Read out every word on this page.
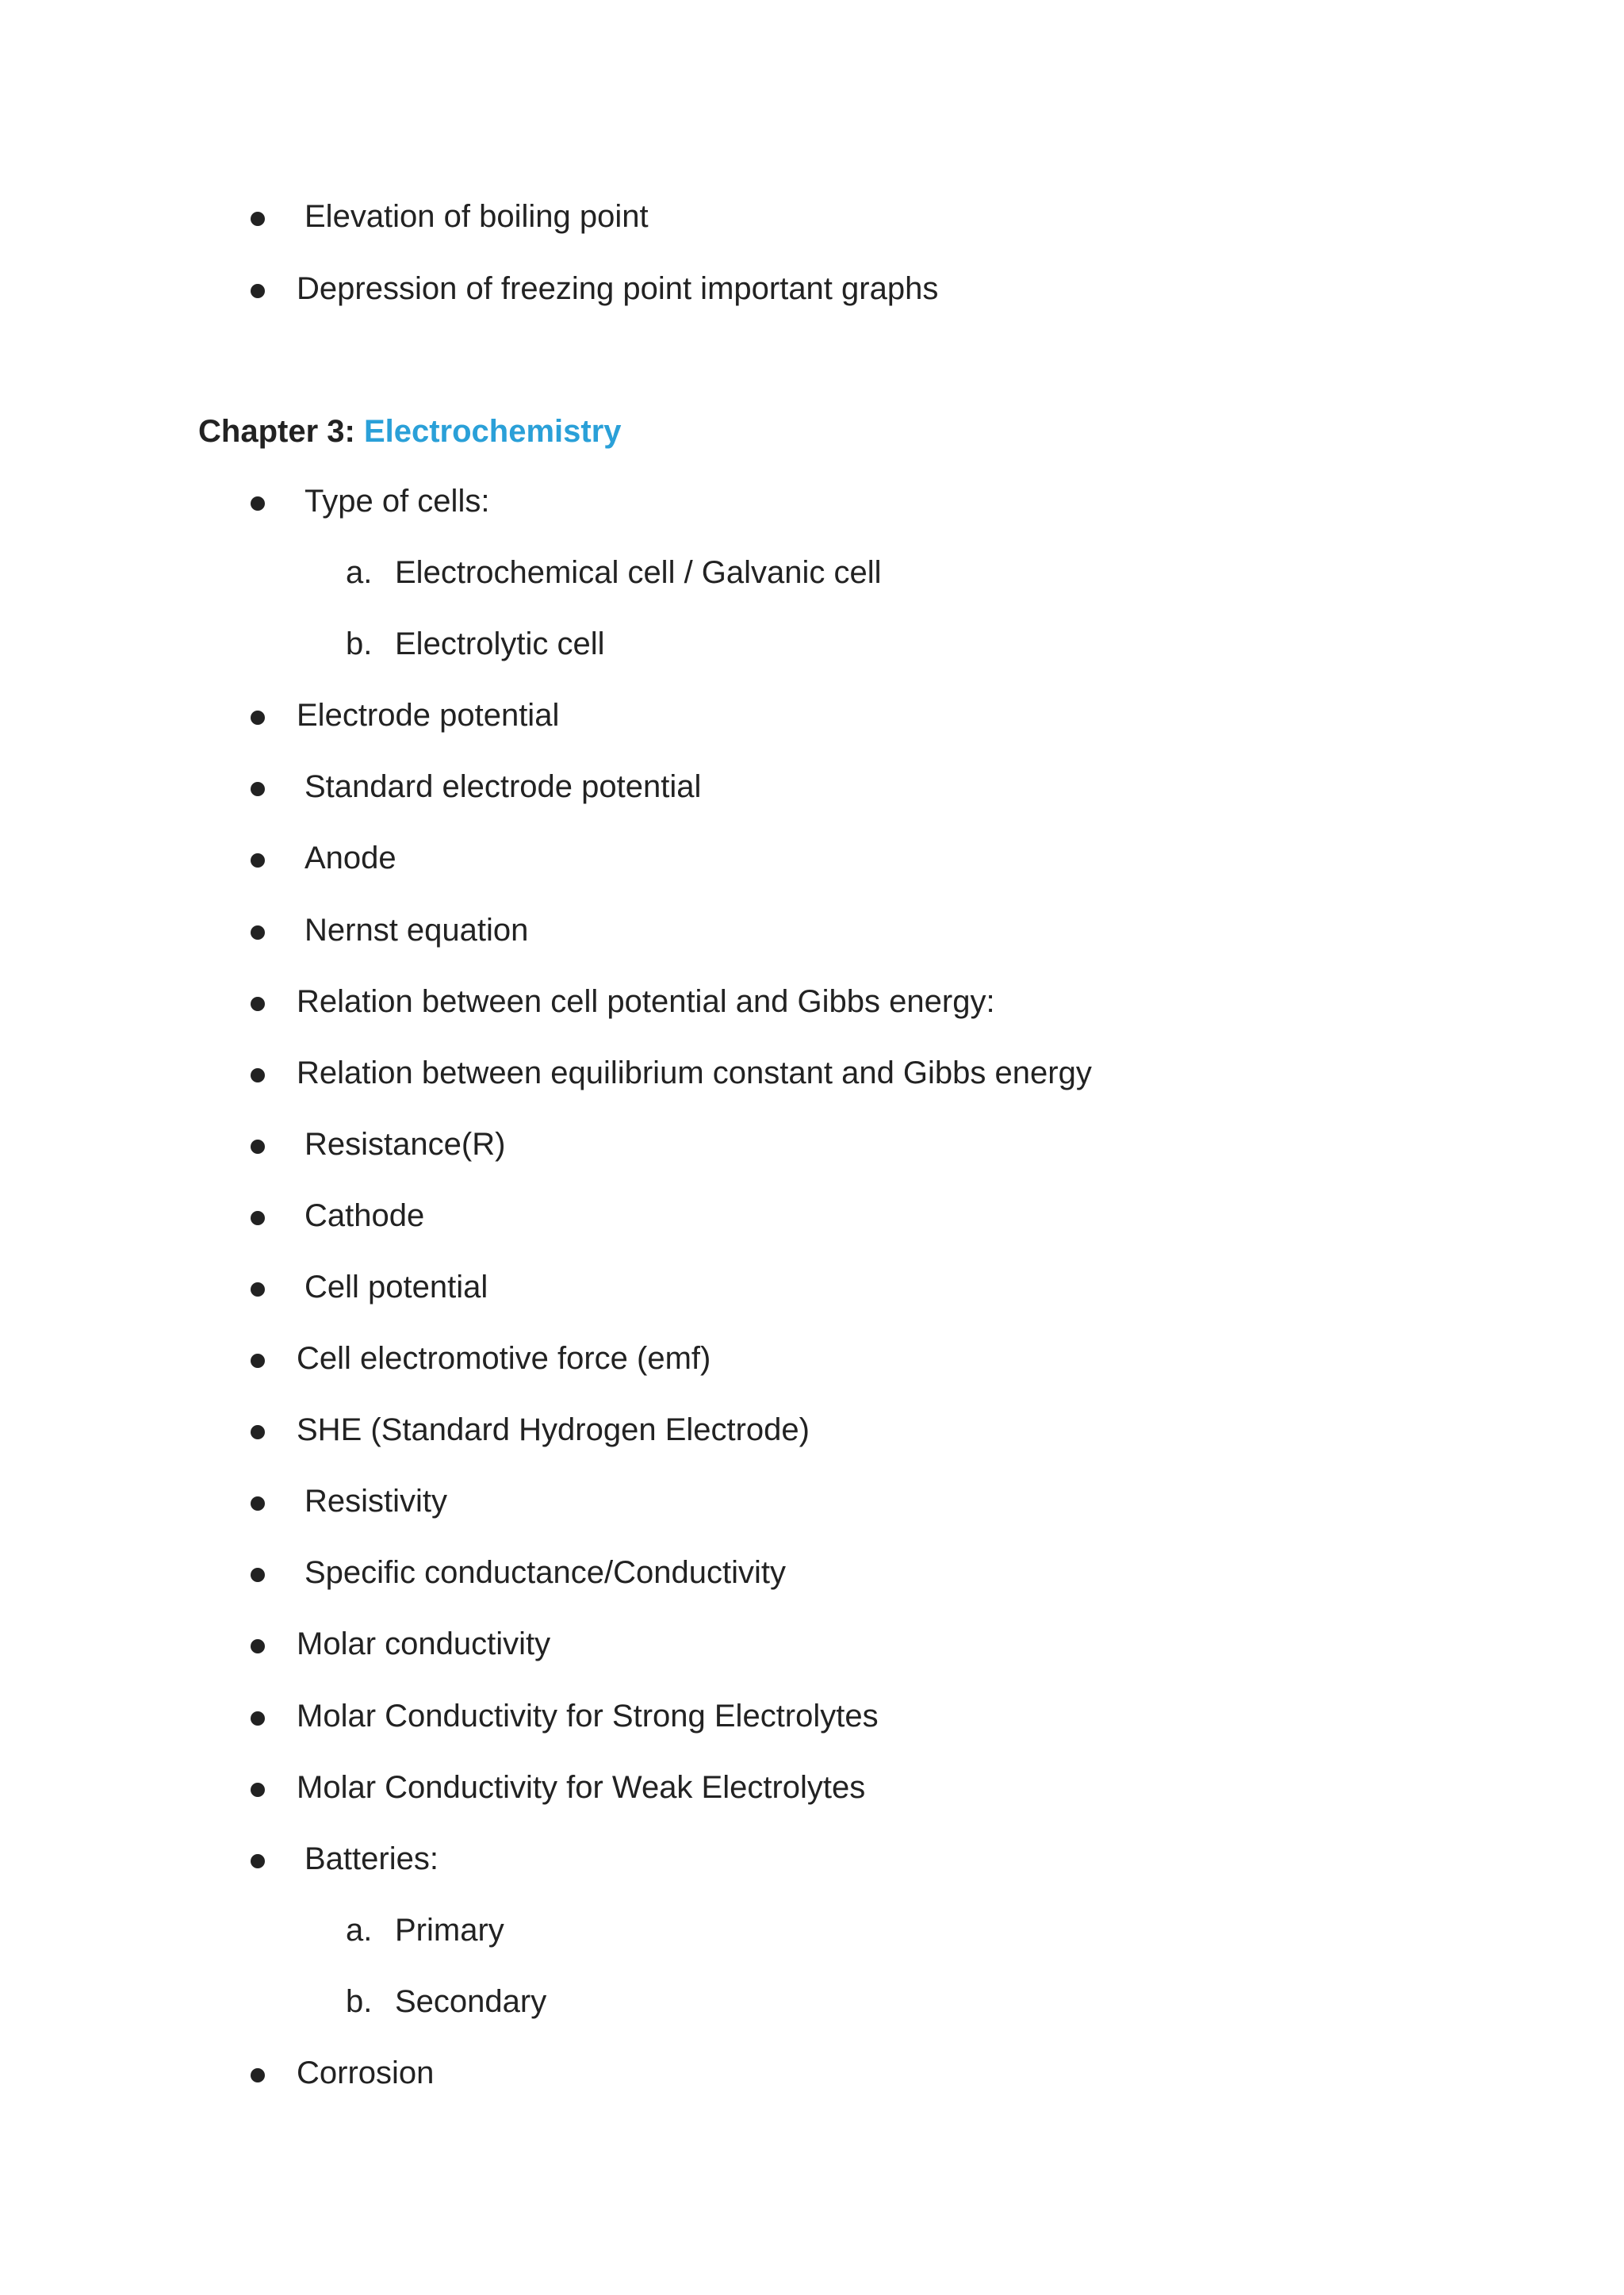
Elevation of boiling point
Depression of freezing point important graphs
Chapter 3: Electrochemistry
Type of cells:
a. Electrochemical cell / Galvanic cell
b. Electrolytic cell
Electrode potential
Standard electrode potential
Anode
Nernst equation
Relation between cell potential and Gibbs energy:
Relation between equilibrium constant and Gibbs energy
Resistance(R)
Cathode
Cell potential
Cell electromotive force (emf)
SHE (Standard Hydrogen Electrode)
Resistivity
Specific conductance/Conductivity
Molar conductivity
Molar Conductivity for Strong Electrolytes
Molar Conductivity for Weak Electrolytes
Batteries:
a. Primary
b. Secondary
Corrosion
